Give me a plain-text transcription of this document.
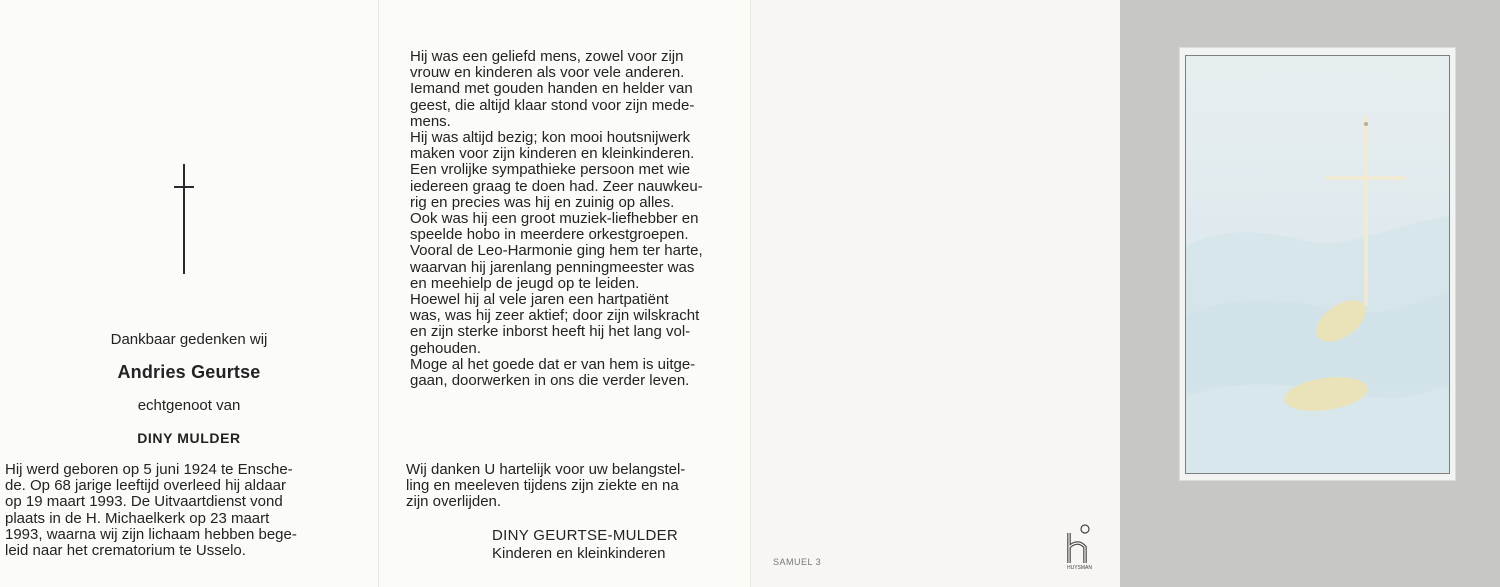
Dankbaar gedenken wij
Andries Geurtse
echtgenoot van
DINY MULDER

Hij werd geboren op 5 juni 1924 te Ensche-
de. Op 68 jarige leeftijd overleed hij aldaar
op 19 maart 1993. De Uitvaartdienst vond
plaats in de H. Michaelkerk op 23 maart
1993, waarna wij zijn lichaam hebben bege-
leid naar het crematorium te Usselo.

Hij was een geliefd mens, zowel voor zijn
vrouw en kinderen als voor vele anderen.
Iemand met gouden handen en helder van
geest, die altijd klaar stond voor zijn mede-
mens.
Hij was altijd bezig; kon mooi houtsnijwerk
maken voor zijn kinderen en kleinkinderen.
Een vrolijke sympathieke persoon met wie
iedereen graag te doen had. Zeer nauwkeu-
rig en precies was hij en zuinig op alles.
Ook was hij een groot muziek-liefhebber en
speelde hobo in meerdere orkestgroepen.
Vooral de Leo-Harmonie ging hem ter harte,
waarvan hij jarenlang penningmeester was
en meehielp de jeugd op te leiden.
Hoewel hij al vele jaren een hartpatiënt
was, was hij zeer aktief; door zijn wilskracht
en zijn sterke inborst heeft hij het lang vol-
gehouden.
Moge al het goede dat er van hem is uitge-
gaan, doorwerken in ons die verder leven.

Wij danken U hartelijk voor uw belangstel-
ling en meeleven tijdens zijn ziekte en na
zijn overlijden.

DINY GEURTSE-MULDER
Kinderen en kleinkinderen	SAMUEL 3
HUYSMAN
